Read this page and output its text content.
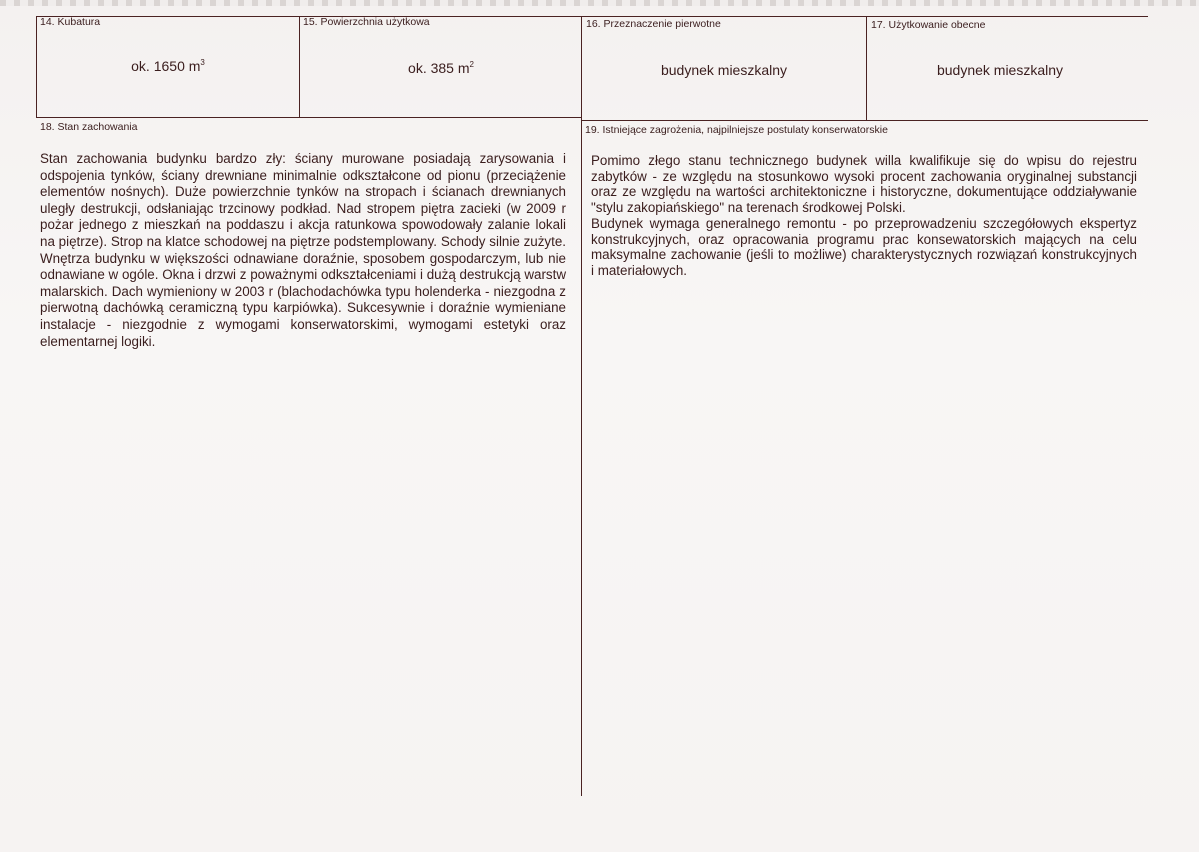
14. Kubatura
ok. 1650 $m^3$
15. Powierzchnia użytkowa
ok. 385 $m^2$
16. Przeznaczenie pierwotne
budynek mieszkalny
17. Użytkowanie obecne
budynek mieszkalny
18. Stan zachowania

Stan zachowania budynku bardzo zły: ściany murowane posiadają zarysowania i odspojenia tynków, ściany drewniane minimalnie odkształcone od pionu (przeciążenie elementów nośnych). Duże powierzchnie tynków na stropach i ścianach drewnianych uległy destrukcji, odsłaniając trzcinowy podkład. Nad stropem piętra zacieki (w 2009 r pożar jednego z mieszkań na poddaszu i akcja ratunkowa spowodowały zalanie lokali na piętrze). Strop na klatce schodowej na piętrze podstemplowany. Schody silnie zużyte. Wnętrza budynku w większości odnawiane doraźnie, sposobem gospodarczym, lub nie odnawiane w ogóle. Okna i drzwi z poważnymi odkształceniami i dużą destrukcją warstw malarskich. Dach wymieniony w 2003 r (blachodachówka typu holenderka - niezgodna z pierwotną dachówką ceramiczną typu karpiówka). Sukcesywnie i doraźnie wymieniane instalacje - niezgodnie z wymogami konserwatorskimi, wymogami estetyki oraz elementarnej logiki.

19. Istniejące zagrożenia, najpilniejsze postulaty konserwatorskie

Pomimo złego stanu technicznego budynek willa kwalifikuje się do wpisu do rejestru zabytków - ze względu na stosunkowo wysoki procent zachowania oryginalnej substancji oraz ze względu na wartości architektoniczne i historyczne, dokumentujące oddziaływanie "stylu zakopiańskiego" na terenach środkowej Polski.

Budynek wymaga generalnego remontu - po przeprowadzeniu szczegółowych ekspertyz konstrukcyjnych, oraz opracowania programu prac konsewatorskich mających na celu maksymalne zachowanie (jeśli to możliwe) charakterystycznych rozwiązań konstrukcyjnych i materiałowych.
